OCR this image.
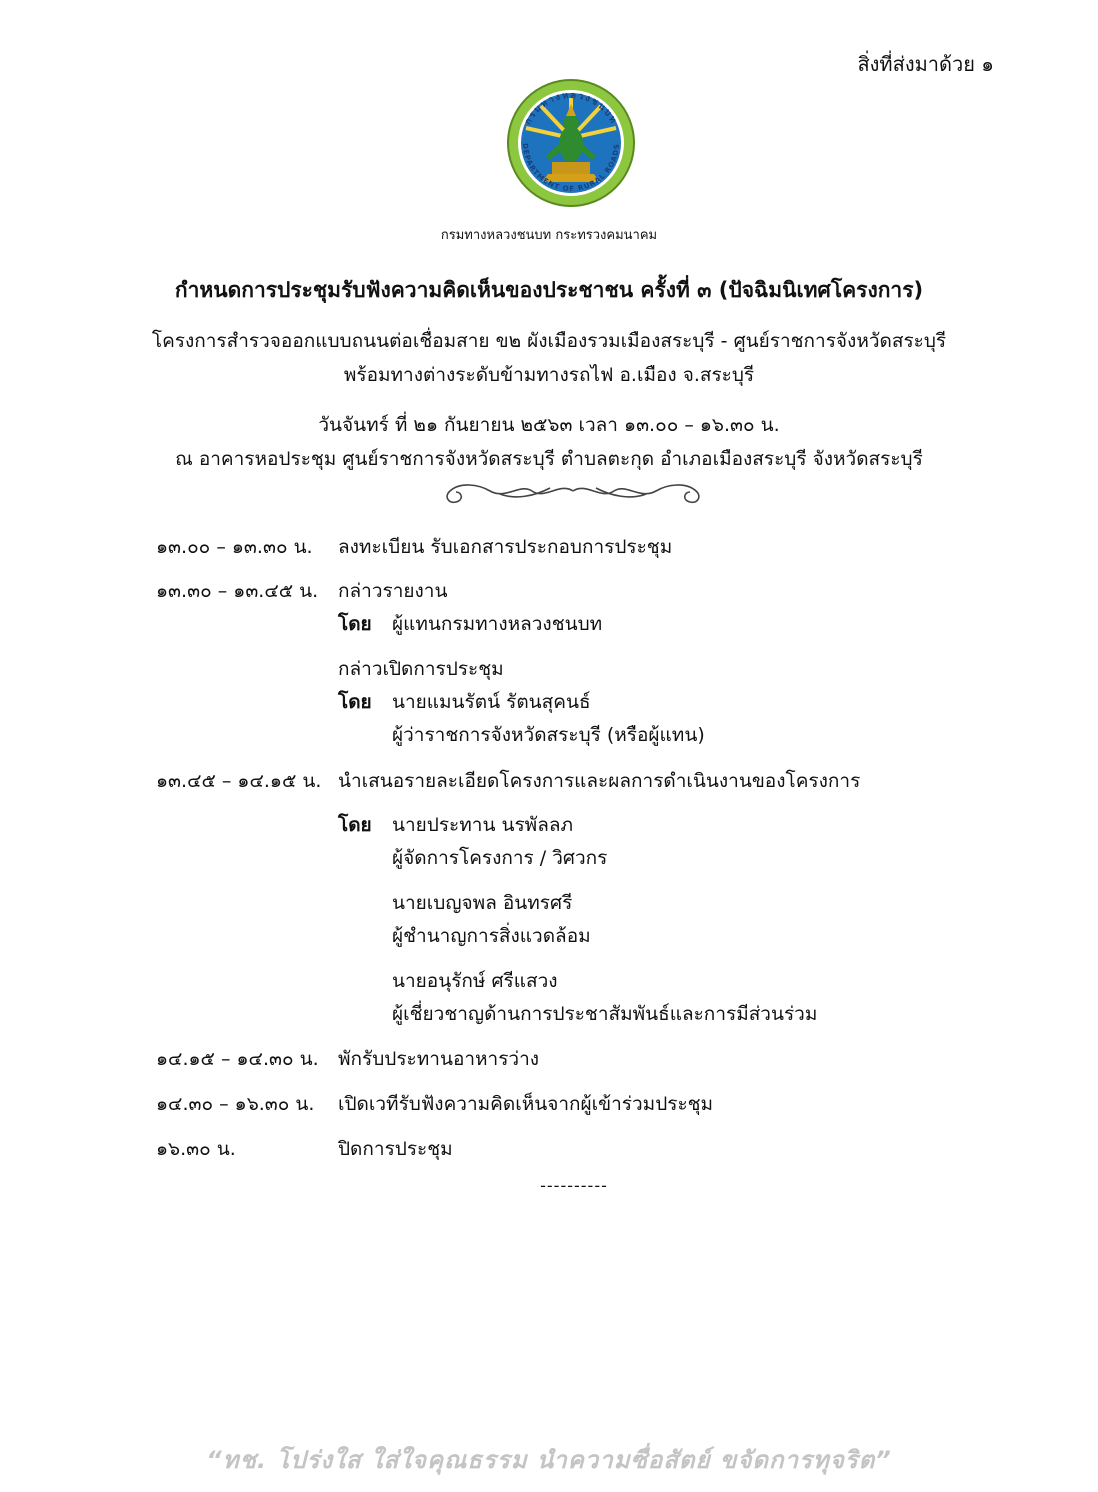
สิ่งที่ส่งมาด้วย ๑
กรมทางหลวงชนบท
DEPARTMENT OF RURAL ROADS
กรมทางหลวงชนบท กระทรวงคมนาคม
กำหนดการประชุมรับฟังความคิดเห็นของประชาชน ครั้งที่ ๓ (ปัจฉิมนิเทศโครงการ)
โครงการสำรวจออกแบบถนนต่อเชื่อมสาย ข๒ ผังเมืองรวมเมืองสระบุรี - ศูนย์ราชการจังหวัดสระบุรี
พร้อมทางต่างระดับข้ามทางรถไฟ อ.เมือง จ.สระบุรี
วันจันทร์ ที่ ๒๑ กันยายน ๒๕๖๓ เวลา ๑๓.๐๐ – ๑๖.๓๐ น.
ณ อาคารหอประชุม ศูนย์ราชการจังหวัดสระบุรี ตำบลตะกุด อำเภอเมืองสระบุรี จังหวัดสระบุรี
๑๓.๐๐ – ๑๓.๓๐ น. ลงทะเบียน รับเอกสารประกอบการประชุม
๑๓.๓๐ – ๑๓.๔๕ น. กล่าวรายงาน
โดย ผู้แทนกรมทางหลวงชนบท
กล่าวเปิดการประชุม
โดย นายแมนรัตน์ รัตนสุคนธ์
ผู้ว่าราชการจังหวัดสระบุรี (หรือผู้แทน)
๑๓.๔๕ – ๑๔.๑๕ น. นำเสนอรายละเอียดโครงการและผลการดำเนินงานของโครงการ
โดย นายประทาน นรพัลลภ
ผู้จัดการโครงการ / วิศวกร
นายเบญจพล อินทรศรี
ผู้ชำนาญการสิ่งแวดล้อม
นายอนุรักษ์ ศรีแสวง
ผู้เชี่ยวชาญด้านการประชาสัมพันธ์และการมีส่วนร่วม
๑๔.๑๕ – ๑๔.๓๐ น. พักรับประทานอาหารว่าง
๑๔.๓๐ – ๑๖.๓๐ น. เปิดเวทีรับฟังความคิดเห็นจากผู้เข้าร่วมประชุม
๑๖.๓๐ น.	ปิดการประชุม
----------
“ทช. โปร่งใส ใส่ใจคุณธรรม นำความซื่อสัตย์ ขจัดการทุจริต”
